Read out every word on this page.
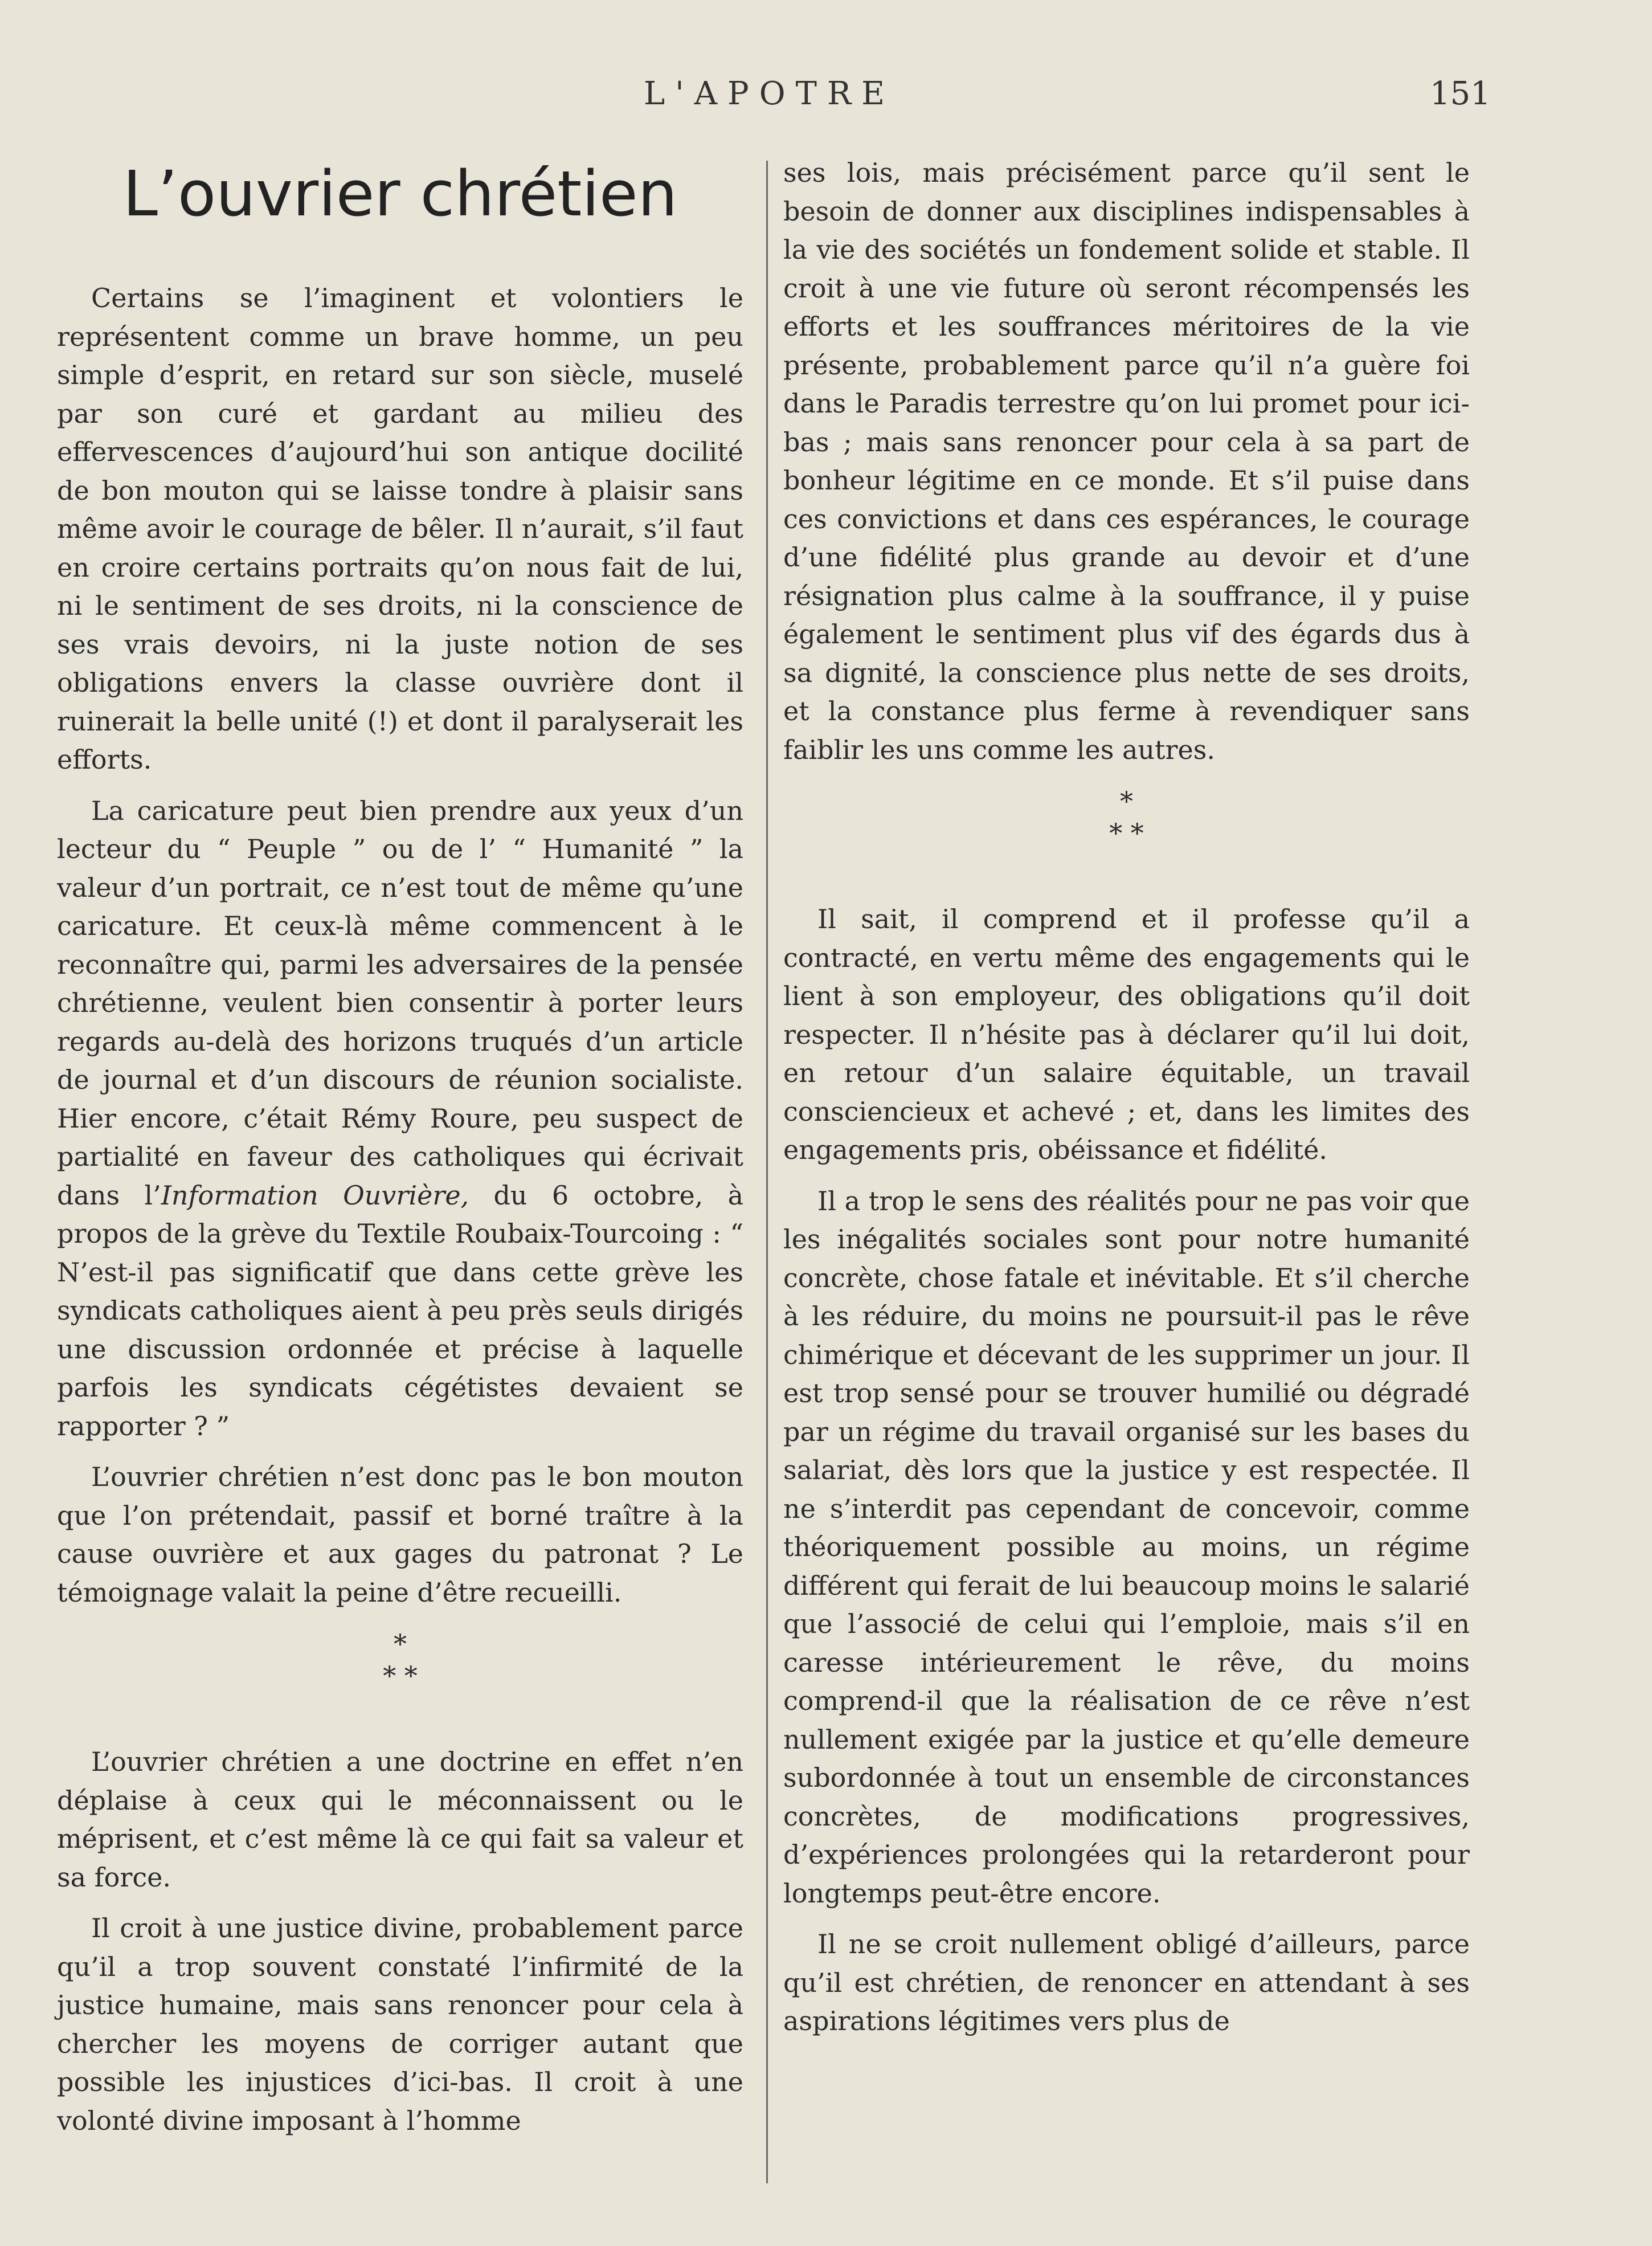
L'APOTRE	151
L’ouvrier chrétien

Certains se l’imaginent et volontiers le représentent comme un brave homme, un peu simple d’esprit, en retard sur son siècle, muselé par son curé et gardant au milieu des effervescences d’aujourd’hui son antique docilité de bon mouton qui se laisse tondre à plaisir sans même avoir le courage de bêler. Il n’aurait, s’il faut en croire certains portraits qu’on nous fait de lui, ni le sentiment de ses droits, ni la conscience de ses vrais devoirs, ni la juste notion de ses obligations envers la classe ouvrière dont il ruinerait la belle unité (!) et dont il paralyserait les efforts.

La caricature peut bien prendre aux yeux d’un lecteur du “ Peuple ” ou de l’ “ Humanité ” la valeur d’un portrait, ce n’est tout de même qu’une caricature. Et ceux-là même commencent à le reconnaître qui, parmi les adversaires de la pensée chrétienne, veulent bien consentir à porter leurs regards au-delà des horizons truqués d’un article de journal et d’un discours de réunion socialiste. Hier encore, c’était Rémy Roure, peu suspect de partialité en faveur des catholiques qui écrivait dans l’Information Ouvrière, du 6 octobre, à propos de la grève du Textile Roubaix-Tourcoing : “ N’est-il pas significatif que dans cette grève les syndicats catholiques aient à peu près seuls dirigés une discussion ordonnée et précise à laquelle parfois les syndicats cégétistes devaient se rapporter ? ”

L’ouvrier chrétien n’est donc pas le bon mouton que l’on prétendait, passif et borné traître à la cause ouvrière et aux gages du patronat ? Le témoignage valait la peine d’être recueilli.

*
* *

L’ouvrier chrétien a une doctrine en effet n’en déplaise à ceux qui le méconnaissent ou le méprisent, et c’est même là ce qui fait sa valeur et sa force.

Il croit à une justice divine, probablement parce qu’il a trop souvent constaté l’infirmité de la justice humaine, mais sans renoncer pour cela à chercher les moyens de corriger autant que possible les injustices d’ici-bas. Il croit à une volonté divine imposant à l’homme

ses lois, mais précisément parce qu’il sent le besoin de donner aux disciplines indispensables à la vie des sociétés un fondement solide et stable. Il croit à une vie future où seront récompensés les efforts et les souffrances méritoires de la vie présente, probablement parce qu’il n’a guère foi dans le Paradis terrestre qu’on lui promet pour ici-bas ; mais sans renoncer pour cela à sa part de bonheur légitime en ce monde. Et s’il puise dans ces convictions et dans ces espérances, le courage d’une fidélité plus grande au devoir et d’une résignation plus calme à la souffrance, il y puise également le sentiment plus vif des égards dus à sa dignité, la conscience plus nette de ses droits, et la constance plus ferme à revendiquer sans faiblir les uns comme les autres.

*
* *

Il sait, il comprend et il professe qu’il a contracté, en vertu même des engagements qui le lient à son employeur, des obligations qu’il doit respecter. Il n’hésite pas à déclarer qu’il lui doit, en retour d’un salaire équitable, un travail consciencieux et achevé ; et, dans les limites des engagements pris, obéissance et fidélité.

Il a trop le sens des réalités pour ne pas voir que les inégalités sociales sont pour notre humanité concrète, chose fatale et inévitable. Et s’il cherche à les réduire, du moins ne poursuit-il pas le rêve chimérique et décevant de les supprimer un jour. Il est trop sensé pour se trouver humilié ou dégradé par un régime du travail organisé sur les bases du salariat, dès lors que la justice y est respectée. Il ne s’interdit pas cependant de concevoir, comme théoriquement possible au moins, un régime différent qui ferait de lui beaucoup moins le salarié que l’associé de celui qui l’emploie, mais s’il en caresse intérieurement le rêve, du moins comprend-il que la réalisation de ce rêve n’est nullement exigée par la justice et qu’elle demeure subordonnée à tout un ensemble de circonstances concrètes, de modifications progressives, d’expériences prolongées qui la retarderont pour longtemps peut-être encore.

Il ne se croit nullement obligé d’ailleurs, parce qu’il est chrétien, de renoncer en attendant à ses aspirations légitimes vers plus de
